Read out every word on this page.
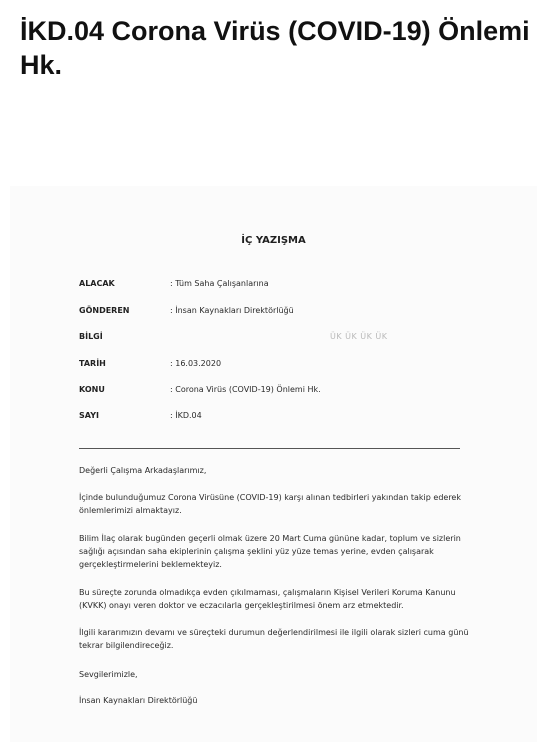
İKD.04 Corona Virüs (COVID-19) Önlemi Hk.
İÇ YAZIŞMA
ALACAK	: Tüm Saha Çalışanlarına
GÖNDEREN	: İnsan Kaynakları Direktörlüğü
BİLGİ	ÜK ÜK ÜK ÜK
TARİH	: 16.03.2020
KONU	: Corona Virüs (COVID-19) Önlemi Hk.
SAYI	: İKD.04

Değerli Çalışma Arkadaşlarımız,

İçinde bulunduğumuz Corona Virüsüne (COVID-19) karşı alınan tedbirleri yakından takip ederek önlemlerimizi almaktayız.

Bilim İlaç olarak bugünden geçerli olmak üzere 20 Mart Cuma gününe kadar, toplum ve sizlerin sağlığı açısından saha ekiplerinin çalışma şeklini yüz yüze temas yerine, evden çalışarak gerçekleştirmelerini beklemekteyiz.

Bu süreçte zorunda olmadıkça evden çıkılmaması, çalışmaların Kişisel Verileri Koruma Kanunu (KVKK) onayı veren doktor ve eczacılarla gerçekleştirilmesi önem arz etmektedir.

İlgili kararımızın devamı ve süreçteki durumun değerlendirilmesi ile ilgili olarak sizleri cuma günü tekrar bilgilendireceğiz.

Sevgilerimizle,

İnsan Kaynakları Direktörlüğü
